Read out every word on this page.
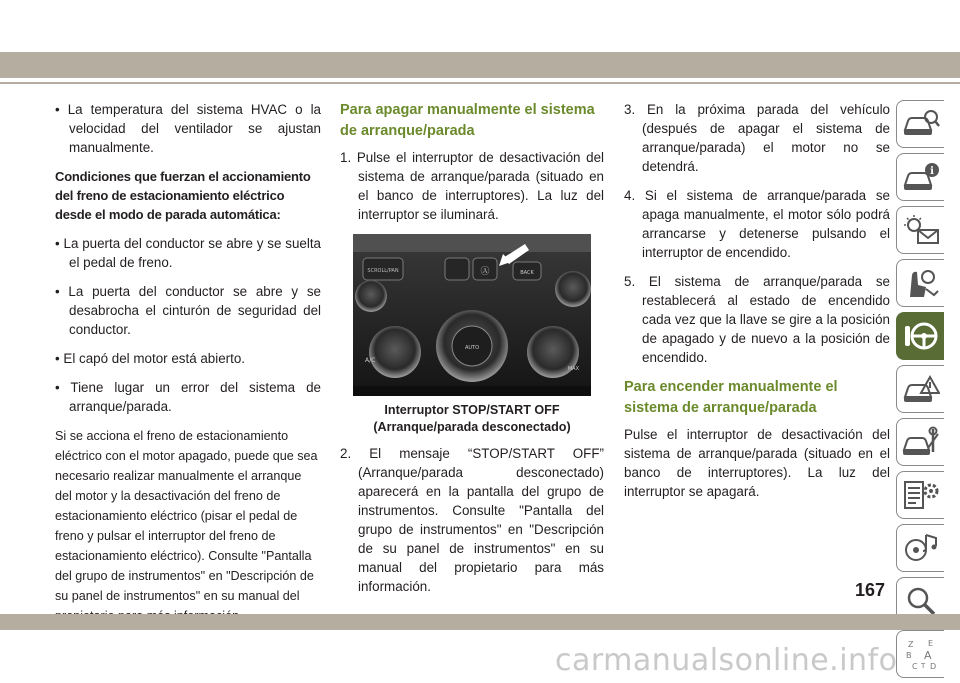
• La temperatura del sistema HVAC o la velocidad del ventilador se ajustan manualmente.
Condiciones que fuerzan el accionamiento del freno de estacionamiento eléctrico desde el modo de parada automática:
• La puerta del conductor se abre y se suelta el pedal de freno.
• La puerta del conductor se abre y se desabrocha el cinturón de seguridad del conductor.
• El capó del motor está abierto.
• Tiene lugar un error del sistema de arranque/parada.
Si se acciona el freno de estacionamiento eléctrico con el motor apagado, puede que sea necesario realizar manualmente el arranque del motor y la desactivación del freno de estacionamiento eléctrico (pisar el pedal de freno y pulsar el interruptor del freno de estacionamiento eléctrico). Consulte "Pantalla del grupo de instrumentos" en "Descripción de su panel de instrumentos" en su manual del
Para apagar manualmente el sistema de arranque/parada
1. Pulse el interruptor de desactivación del sistema de arranque/parada (situado en el banco de interruptores). La luz del interruptor se iluminará.
SCROLL/PAN	Ⓐ	BACK
AUTO
A/C
MAX
Interruptor STOP/START OFF
(Arranque/parada desconectado)
2. El mensaje “STOP/START OFF” (Arranque/parada desconectado) aparecerá en la pantalla del grupo de instrumentos. Consulte "Pantalla del grupo de instrumentos" en "Descripción de su panel de instrumentos" en su manual del propietario para más información.
3. En la próxima parada del vehículo (después de apagar el sistema de arranque/parada) el motor no se detendrá.
4. Si el sistema de arranque/parada se apaga manualmente, el motor sólo podrá arrancarse y detenerse pulsando el interruptor de encendido.
5. El sistema de arranque/parada se restablecerá al estado de encendido cada vez que la llave se gire a la posición de apagado y de nuevo a la posición de encendido.
Para encender manualmente el sistema de arranque/parada
Pulse el interruptor de desactivación del sistema de arranque/parada (situado en el banco de interruptores). La luz del interruptor se apagará.
i
Z E
B A
C T D
167
carmanualsonline.info
